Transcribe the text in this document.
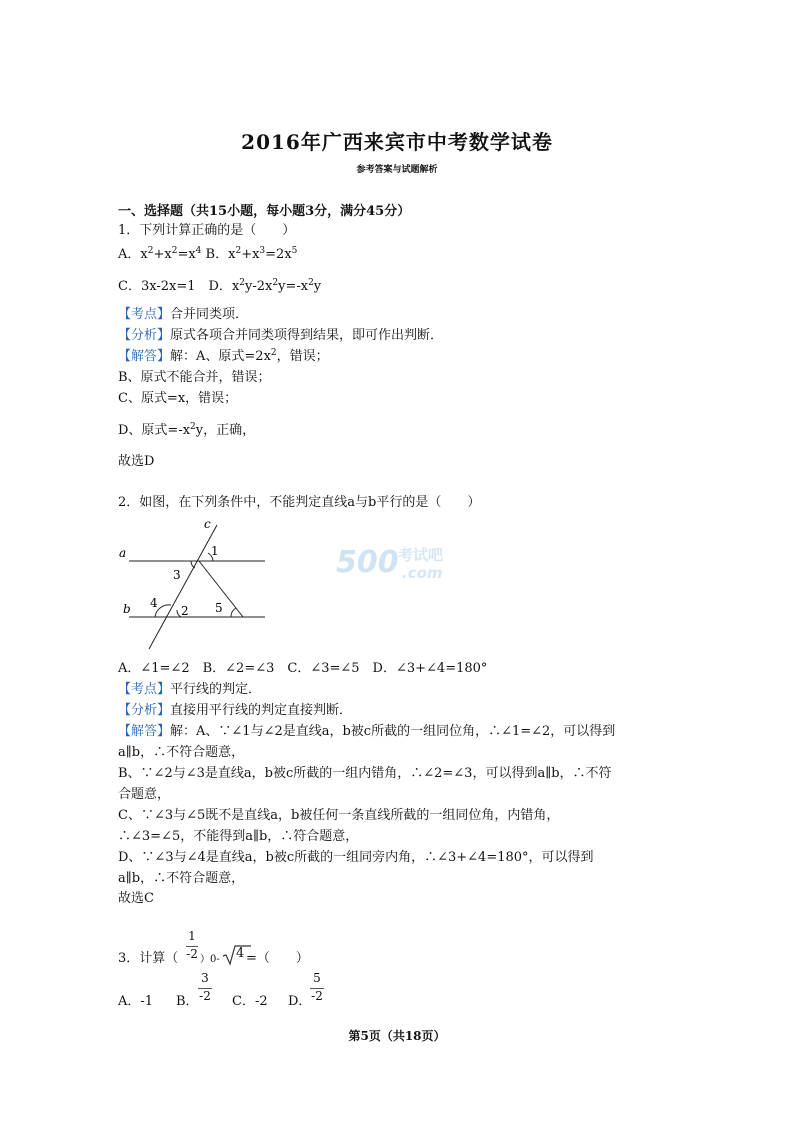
2016年广西来宾市中考数学试卷
参考答案与试题解析
一、选择题（共15小题，每小题3分，满分45分）
1．下列计算正确的是（　　）
A．$x^2+x^2=x^4$ B．$x^2+x^3=2x^5$
C．3x-2x=1　 D．$x^2y-2x^2y=-x^2y$
【考点】合并同类项．
【分析】原式各项合并同类项得到结果，即可作出判断．
【解答】解：A、原式$=2x^2$，错误；
B、原式不能合并，错误；
C、原式=x，错误；
D、原式$=-x^2y$，正确，
故选D
2．如图，在下列条件中，不能判定直线a与b平行的是（　　）
c
a
b
1
2
3
4	5
500 考试吧
.com
A．∠1=∠2　B．∠2=∠3　C．∠3=∠5　D．∠3+∠4=180°
【考点】平行线的判定．
【分析】直接用平行线的判定直接判断．
【解答】解：A、∵∠1与∠2是直线a，b被c所截的一组同位角，∴∠1=∠2，可以得到
a∥b，∴不符合题意，
B、∵∠2与∠3是直线a，b被c所截的一组内错角，∴∠2=∠3，可以得到a∥b，∴不符
合题意，
C、∵∠3与∠5既不是直线a，b被任何一条直线所截的一组同位角，内错角，
∴∠3=∠5，不能得到a∥b，∴符合题意，
D、∵∠3与∠4是直线a，b被c所截的一组同旁内角，∴∠3+∠4=180°，可以得到
a∥b，∴不符合题意，
故选C
3．计算（
1
-2 ）0- 4 =（　　）
A．-1 B．
3
-2 C．-2 D．
5
-2
第5页（共18页）
